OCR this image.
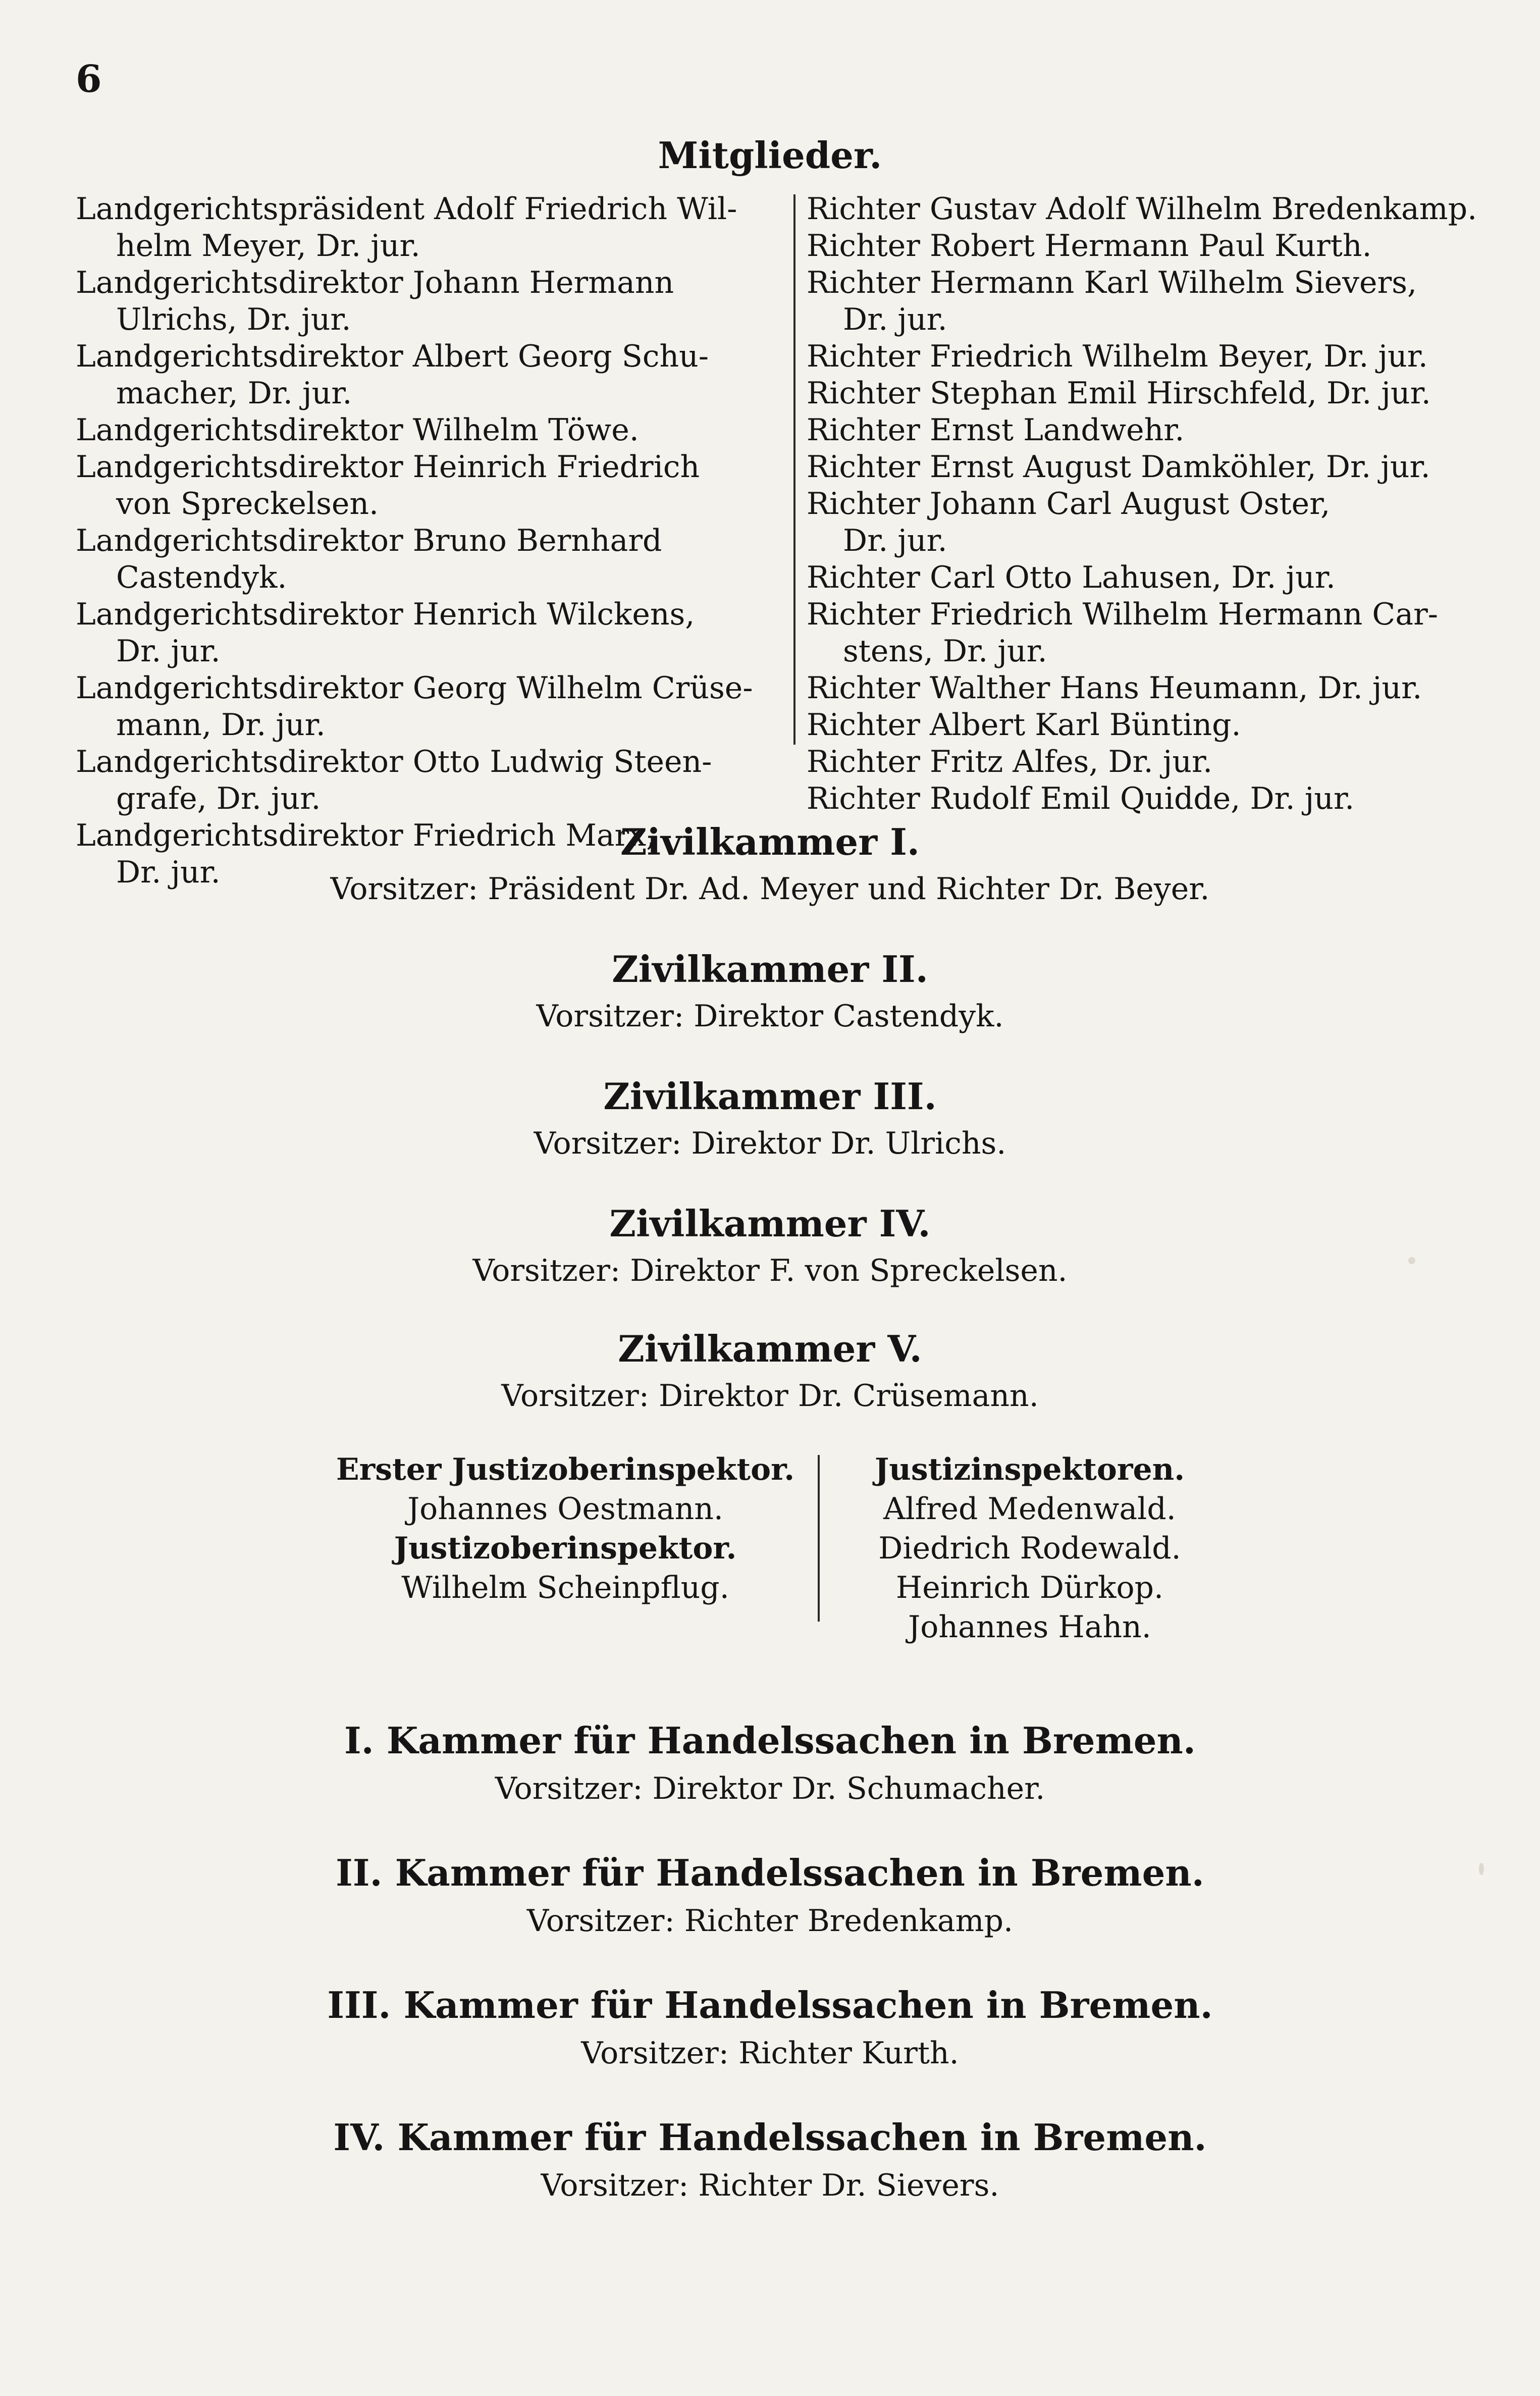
6
Mitglieder.
Landgerichtspräsident Adolf Friedrich Wil-
helm Meyer, Dr. jur.
Landgerichtsdirektor Johann Hermann
Ulrichs, Dr. jur.
Landgerichtsdirektor Albert Georg Schu-
macher, Dr. jur.
Landgerichtsdirektor Wilhelm Töwe.
Landgerichtsdirektor Heinrich Friedrich
von Spreckelsen.
Landgerichtsdirektor Bruno Bernhard
Castendyk.
Landgerichtsdirektor Henrich Wilckens,
Dr. jur.
Landgerichtsdirektor Georg Wilhelm Crüse-
mann, Dr. jur.
Landgerichtsdirektor Otto Ludwig Steen-
grafe, Dr. jur.
Landgerichtsdirektor Friedrich Marx,
Dr. jur.
Richter Gustav Adolf Wilhelm Bredenkamp.
Richter Robert Hermann Paul Kurth.
Richter Hermann Karl Wilhelm Sievers,
Dr. jur.
Richter Friedrich Wilhelm Beyer, Dr. jur.
Richter Stephan Emil Hirschfeld, Dr. jur.
Richter Ernst Landwehr.
Richter Ernst August Damköhler, Dr. jur.
Richter Johann Carl August Oster,
Dr. jur.
Richter Carl Otto Lahusen, Dr. jur.
Richter Friedrich Wilhelm Hermann Car-
stens, Dr. jur.
Richter Walther Hans Heumann, Dr. jur.
Richter Albert Karl Bünting.
Richter Fritz Alfes, Dr. jur.
Richter Rudolf Emil Quidde, Dr. jur.
Zivilkammer I.
Vorsitzer: Präsident Dr. Ad. Meyer und Richter Dr. Beyer.
Zivilkammer II.
Vorsitzer: Direktor Castendyk.
Zivilkammer III.
Vorsitzer: Direktor Dr. Ulrichs.
Zivilkammer IV.
Vorsitzer: Direktor F. von Spreckelsen.
Zivilkammer V.
Vorsitzer: Direktor Dr. Crüsemann.
Erster Justizoberinspektor.
Johannes Oestmann.
Justizoberinspektor.
Wilhelm Scheinpflug.
Justizinspektoren.
Alfred Medenwald.
Diedrich Rodewald.
Heinrich Dürkop.
Johannes Hahn.
I. Kammer für Handelssachen in Bremen.
Vorsitzer: Direktor Dr. Schumacher.
II. Kammer für Handelssachen in Bremen.
Vorsitzer: Richter Bredenkamp.
III. Kammer für Handelssachen in Bremen.
Vorsitzer: Richter Kurth.
IV. Kammer für Handelssachen in Bremen.
Vorsitzer: Richter Dr. Sievers.
